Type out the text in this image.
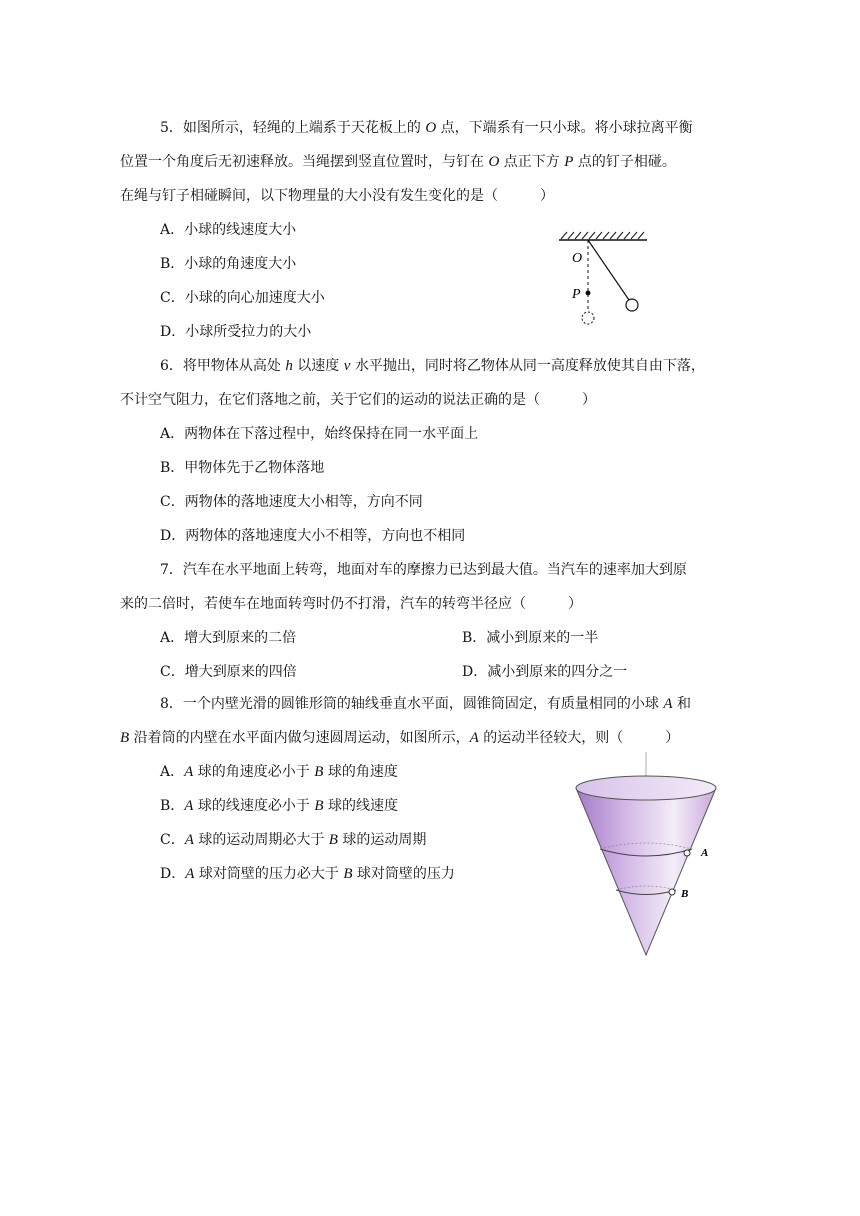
5．如图所示，轻绳的上端系于天花板上的 O 点，下端系有一只小球。将小球拉离平衡
位置一个角度后无初速释放。当绳摆到竖直位置时，与钉在 O 点正下方 P 点的钉子相碰。
在绳与钉子相碰瞬间，以下物理量的大小没有发生变化的是（　　　）
A．小球的线速度大小
B．小球的角速度大小
C．小球的向心加速度大小
D．小球所受拉力的大小
O
P
6．将甲物体从高处 h 以速度 v 水平抛出，同时将乙物体从同一高度释放使其自由下落，
不计空气阻力，在它们落地之前，关于它们的运动的说法正确的是（　　　）
A．两物体在下落过程中，始终保持在同一水平面上
B．甲物体先于乙物体落地
C．两物体的落地速度大小相等，方向不同
D．两物体的落地速度大小不相等，方向也不相同
7．汽车在水平地面上转弯，地面对车的摩擦力已达到最大值。当汽车的速率加大到原
来的二倍时，若使车在地面转弯时仍不打滑，汽车的转弯半径应（　　　）
A．增大到原来的二倍	B．减小到原来的一半
C．增大到原来的四倍	D．减小到原来的四分之一
8．一个内壁光滑的圆锥形筒的轴线垂直水平面，圆锥筒固定，有质量相同的小球 A 和
B 沿着筒的内壁在水平面内做匀速圆周运动，如图所示，A 的运动半径较大，则（　　　）
A．A 球的角速度必小于 B 球的角速度
B．A 球的线速度必小于 B 球的线速度
C．A 球的运动周期必大于 B 球的运动周期
D．A 球对筒壁的压力必大于 B 球对筒壁的压力
A
B
